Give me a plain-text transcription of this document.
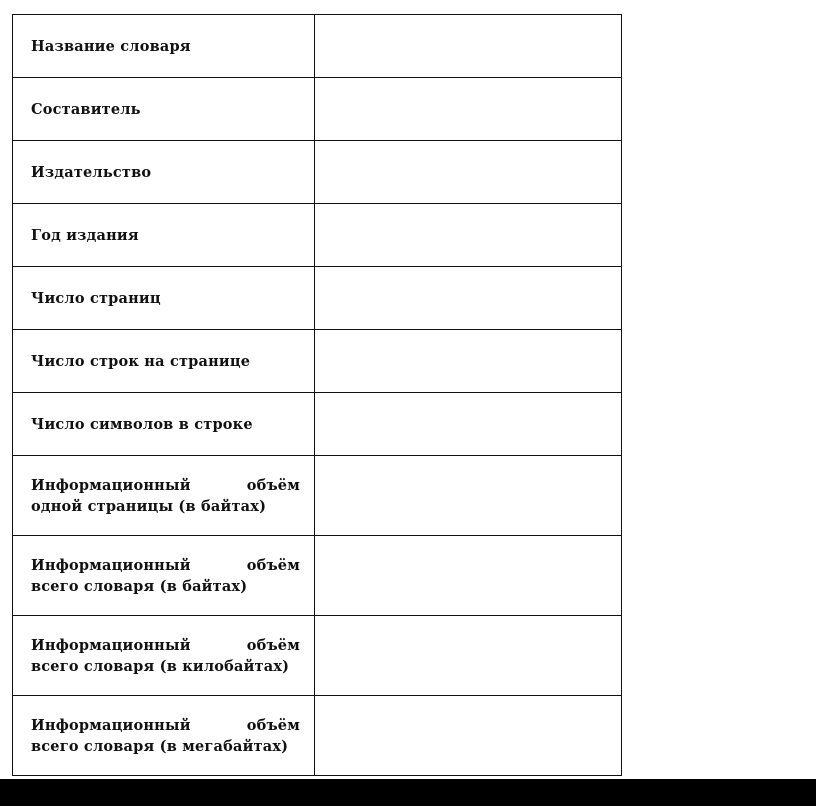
Название словаря	

Составитель	

Издательство	

Год издания	

Число страниц	

Число строк на странице	

Число символов в строке	

Информационный объём одной страницы (в байтах)	

Информационный объём всего словаря (в байтах)	

Информационный объём всего словаря (в килобайтах)	

Информационный объём всего словаря (в мегабайтах)	
